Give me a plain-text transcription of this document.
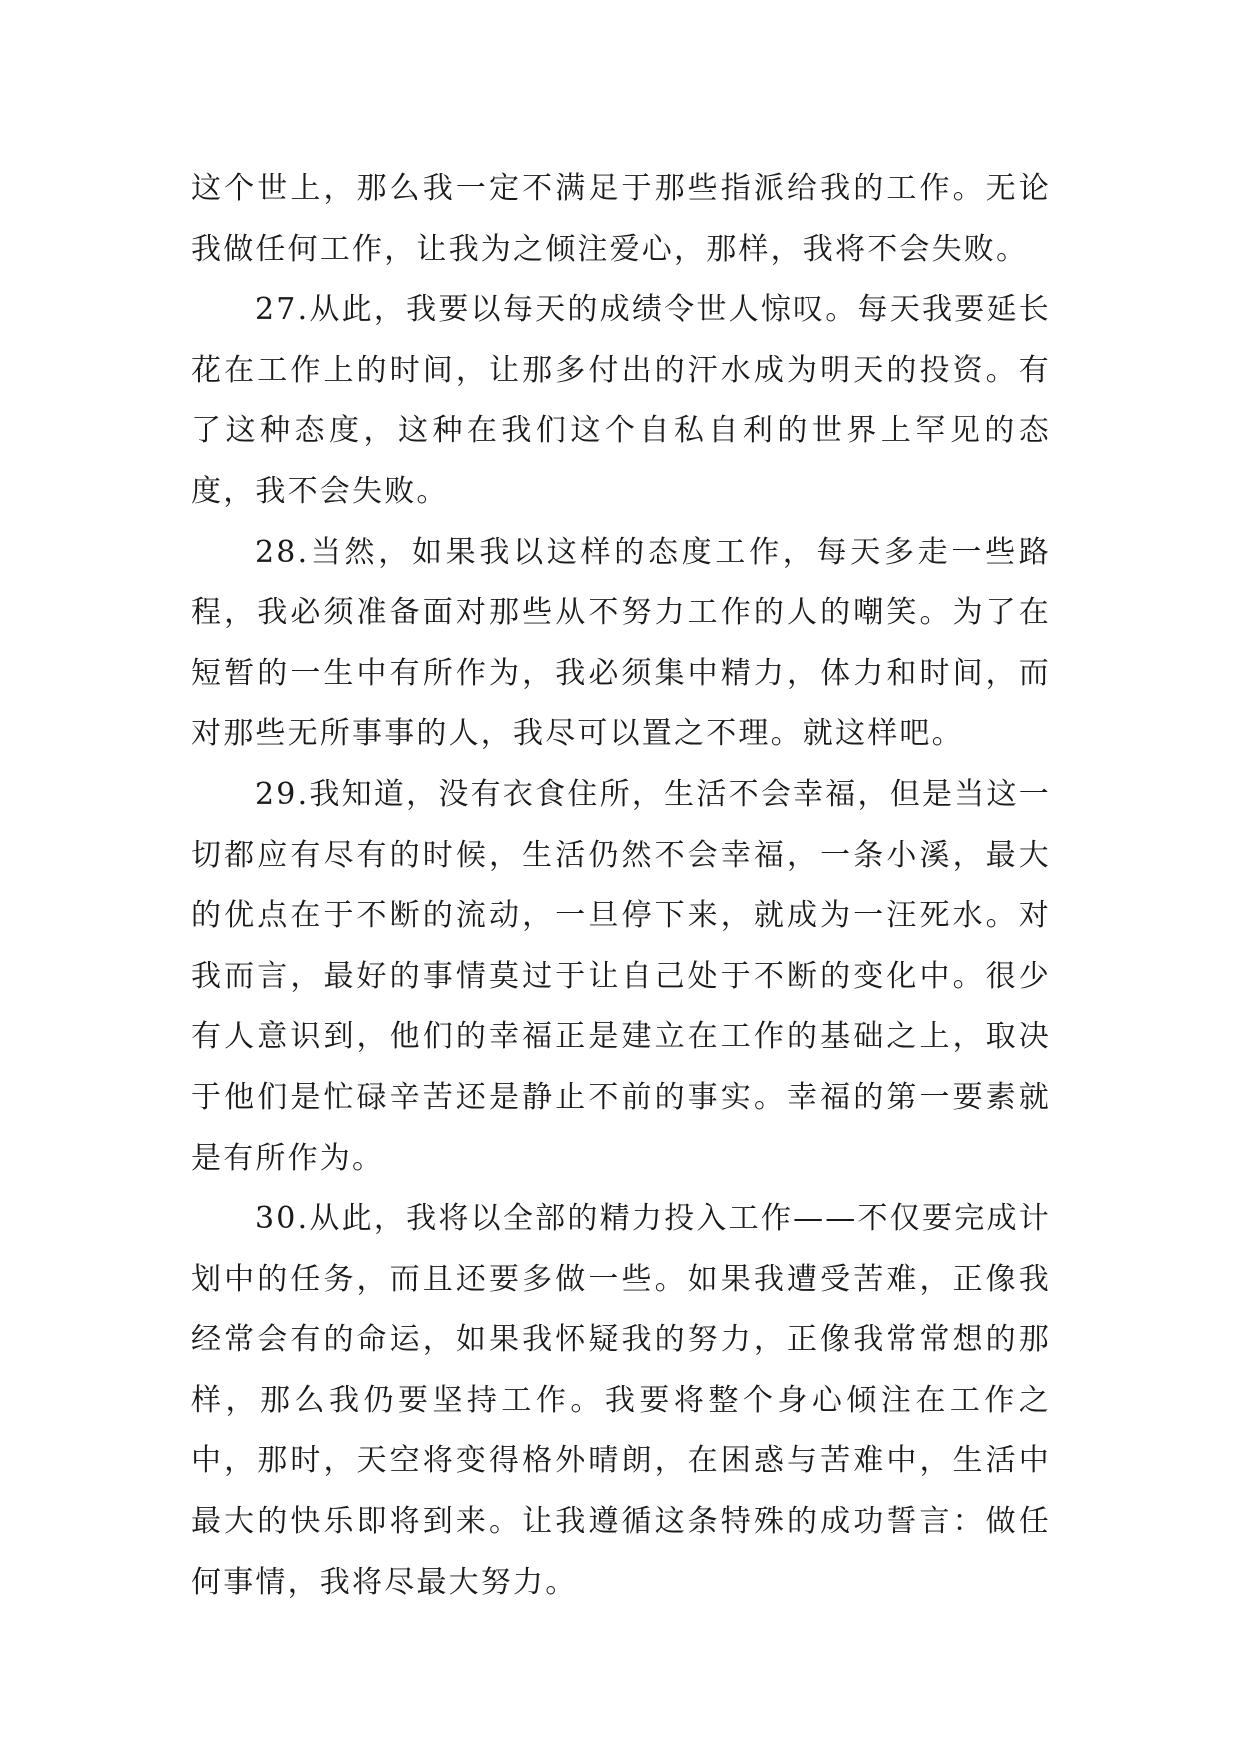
这个世上，那么我一定不满足于那些指派给我的工作。无论我做任何工作，让我为之倾注爱心，那样，我将不会失败。

27.从此，我要以每天的成绩令世人惊叹。每天我要延长花在工作上的时间，让那多付出的汗水成为明天的投资。有了这种态度，这种在我们这个自私自利的世界上罕见的态度，我不会失败。

28.当然，如果我以这样的态度工作，每天多走一些路程，我必须准备面对那些从不努力工作的人的嘲笑。为了在短暂的一生中有所作为，我必须集中精力，体力和时间，而对那些无所事事的人，我尽可以置之不理。就这样吧。

29.我知道，没有衣食住所，生活不会幸福，但是当这一切都应有尽有的时候，生活仍然不会幸福，一条小溪，最大的优点在于不断的流动，一旦停下来，就成为一汪死水。对我而言，最好的事情莫过于让自己处于不断的变化中。很少有人意识到，他们的幸福正是建立在工作的基础之上，取决于他们是忙碌辛苦还是静止不前的事实。幸福的第一要素就是有所作为。

30.从此，我将以全部的精力投入工作——不仅要完成计划中的任务，而且还要多做一些。如果我遭受苦难，正像我经常会有的命运，如果我怀疑我的努力，正像我常常想的那样，那么我仍要坚持工作。我要将整个身心倾注在工作之中，那时，天空将变得格外晴朗，在困惑与苦难中，生活中最大的快乐即将到来。让我遵循这条特殊的成功誓言：做任何事情，我将尽最大努力。
